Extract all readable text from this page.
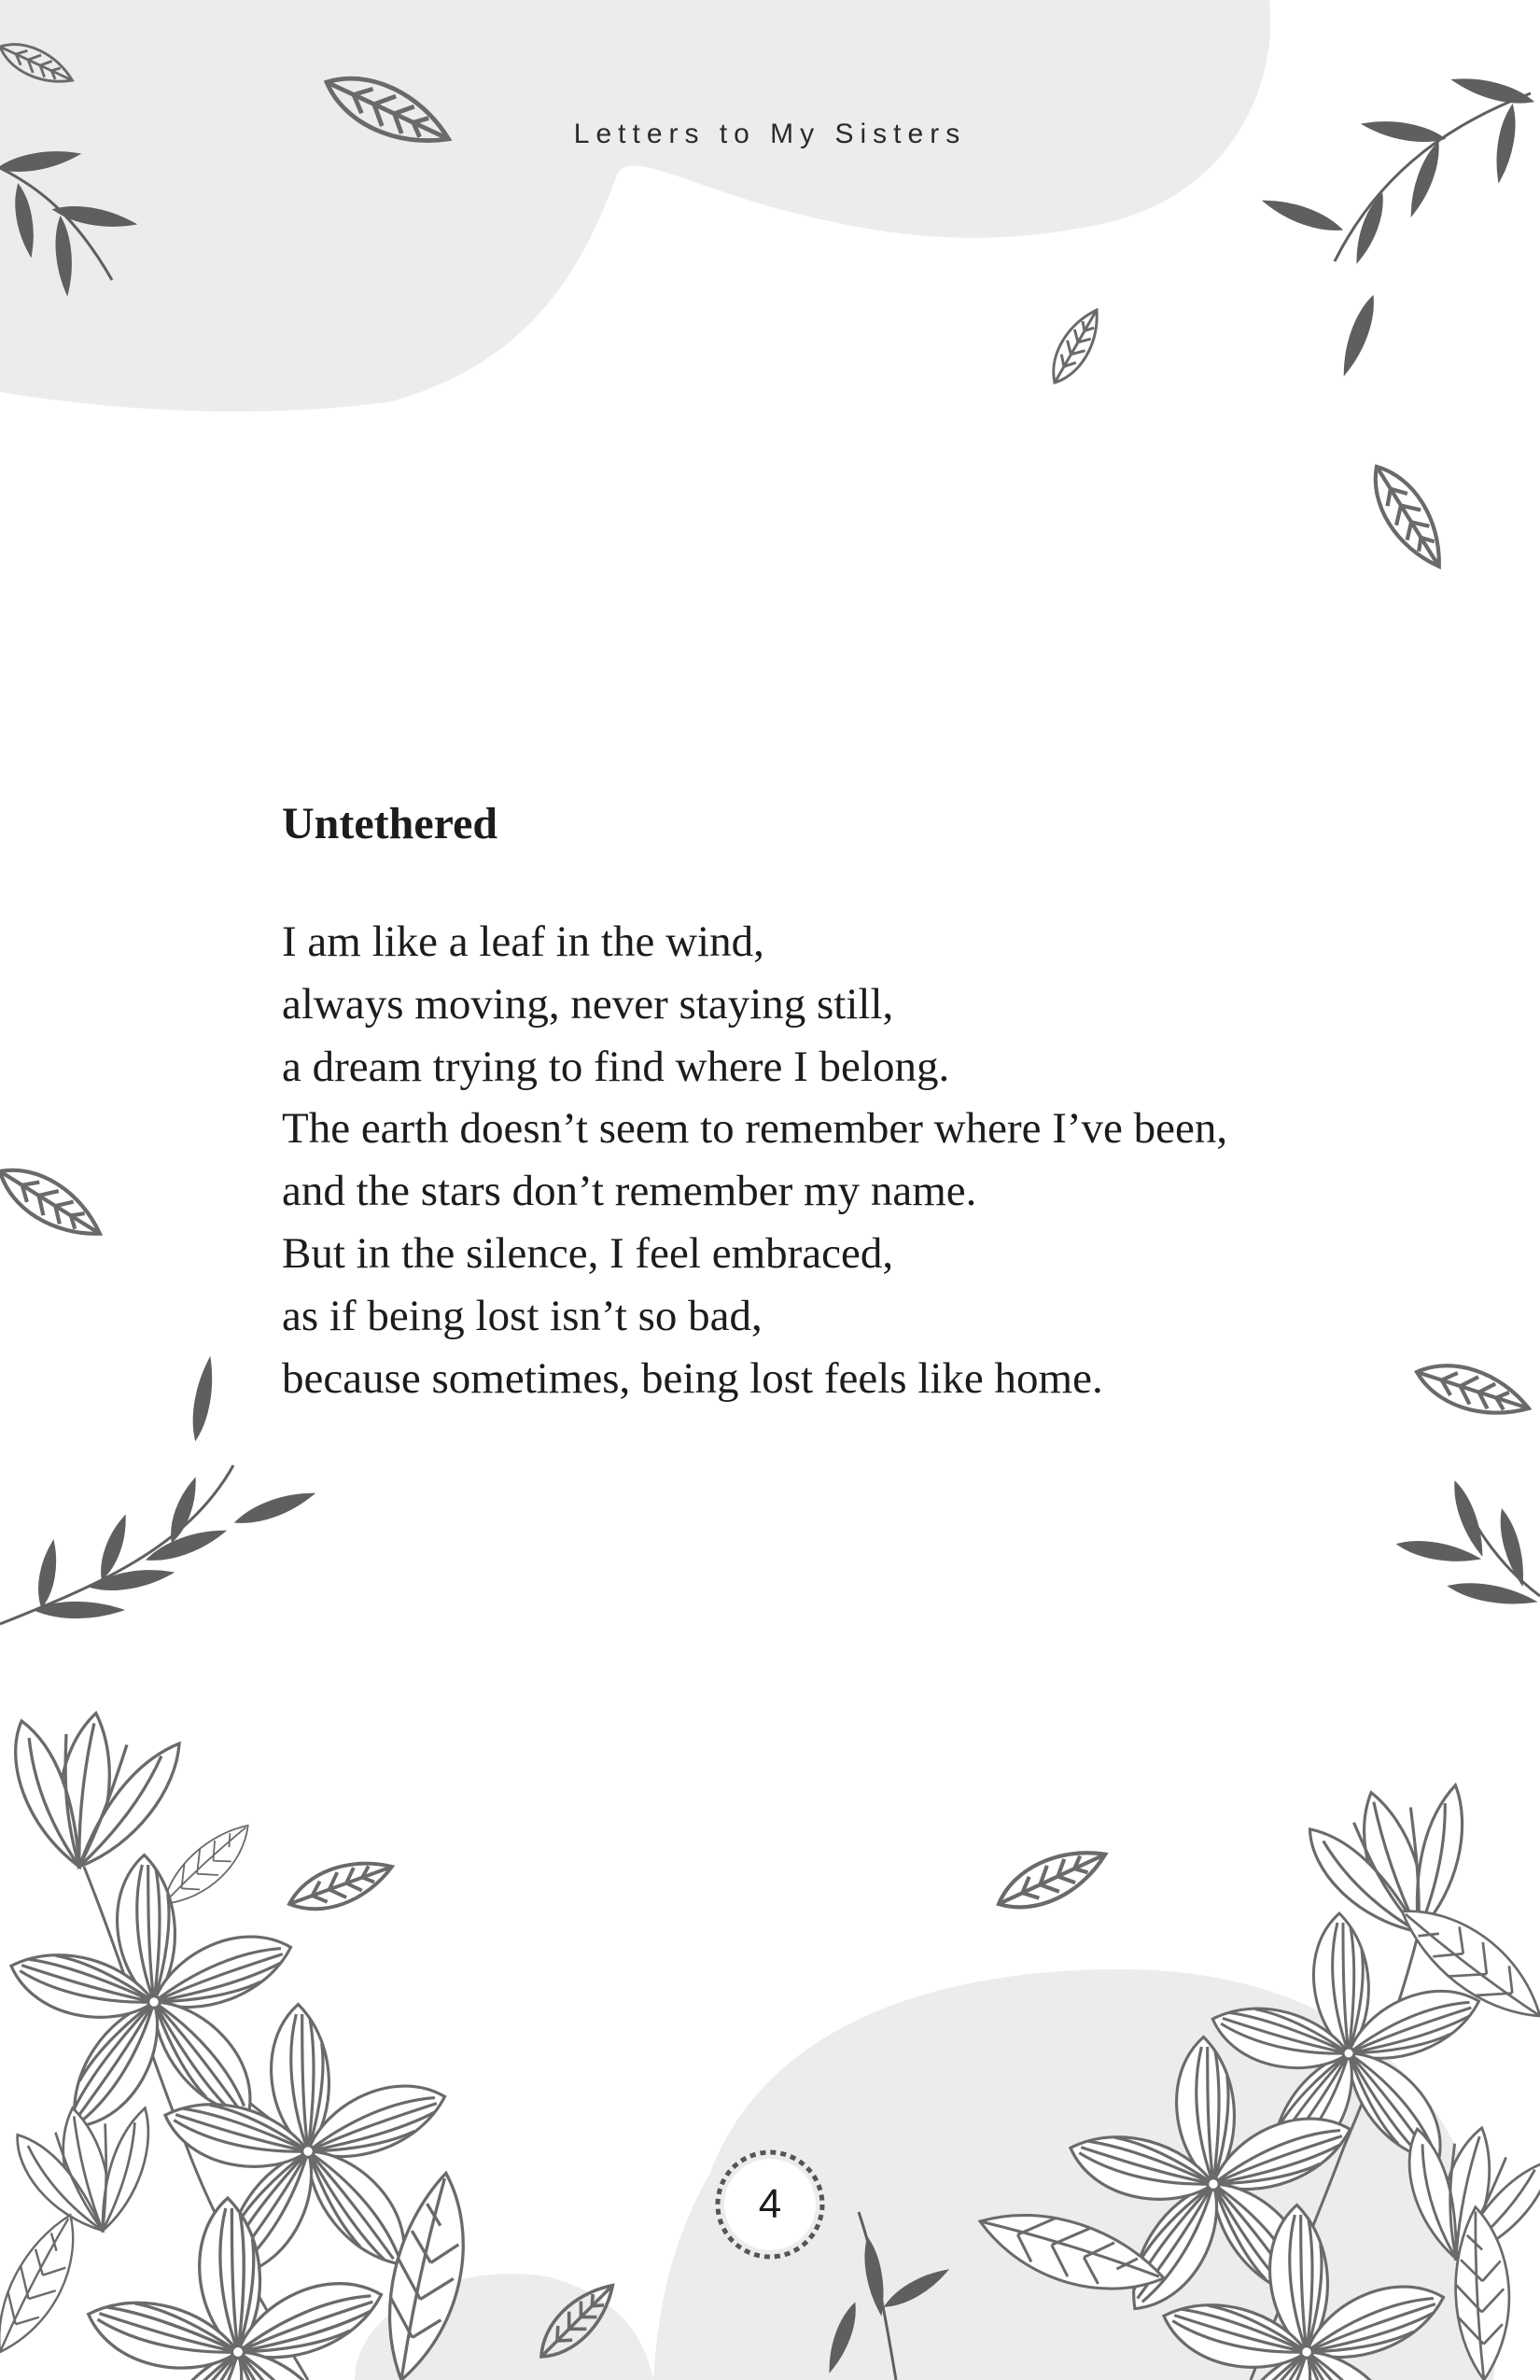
Letters to My Sisters
Untethered
I am like a leaf in the wind,
always moving, never staying still,
a dream trying to find where I belong.
The earth doesn’t seem to remember where I’ve been,
and the stars don’t remember my name.
But in the silence, I feel embraced,
as if being lost isn’t so bad,
because sometimes, being lost feels like home.
4
